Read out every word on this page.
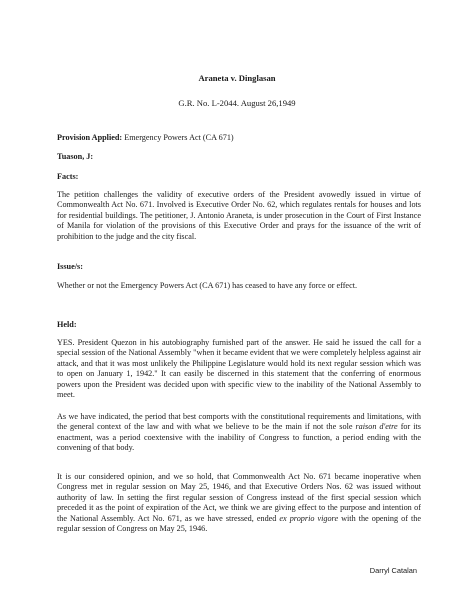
Araneta v. Dinglasan
G.R. No. L-2044. August 26,1949
Provision Applied: Emergency Powers Act (CA 671)
Tuason, J:
Facts:

The petition challenges the validity of executive orders of the President avowedly issued in virtue of Commonwealth Act No. 671. Involved is Executive Order No. 62, which regulates rentals for houses and lots for residential buildings. The petitioner, J. Antonio Araneta, is under prosecution in the Court of First Instance of Manila for violation of the provisions of this Executive Order and prays for the issuance of the writ of prohibition to the judge and the city fiscal.

Issue/s:

Whether or not the Emergency Powers Act (CA 671) has ceased to have any force or effect.

Held:

YES. President Quezon in his autobiography furnished part of the answer. He said he issued the call for a special session of the National Assembly "when it became evident that we were completely helpless against air attack, and that it was most unlikely the Philippine Legislature would hold its next regular session which was to open on January 1, 1942." It can easily be discerned in this statement that the conferring of enormous powers upon the President was decided upon with specific view to the inability of the National Assembly to meet.

As we have indicated, the period that best comports with the constitutional requirements and limitations, with the general context of the law and with what we believe to be the main if not the sole raison d'etre for its enactment, was a period coextensive with the inability of Congress to function, a period ending with the convening of that body.

It is our considered opinion, and we so hold, that Commonwealth Act No. 671 became inoperative when Congress met in regular session on May 25, 1946, and that Executive Orders Nos. 62 was issued without authority of law. In setting the first regular session of Congress instead of the first special session which preceded it as the point of expiration of the Act, we think we are giving effect to the purpose and intention of the National Assembly. Act No. 671, as we have stressed, ended ex proprio vigore with the opening of the regular session of Congress on May 25, 1946.

Darryl Catalan
